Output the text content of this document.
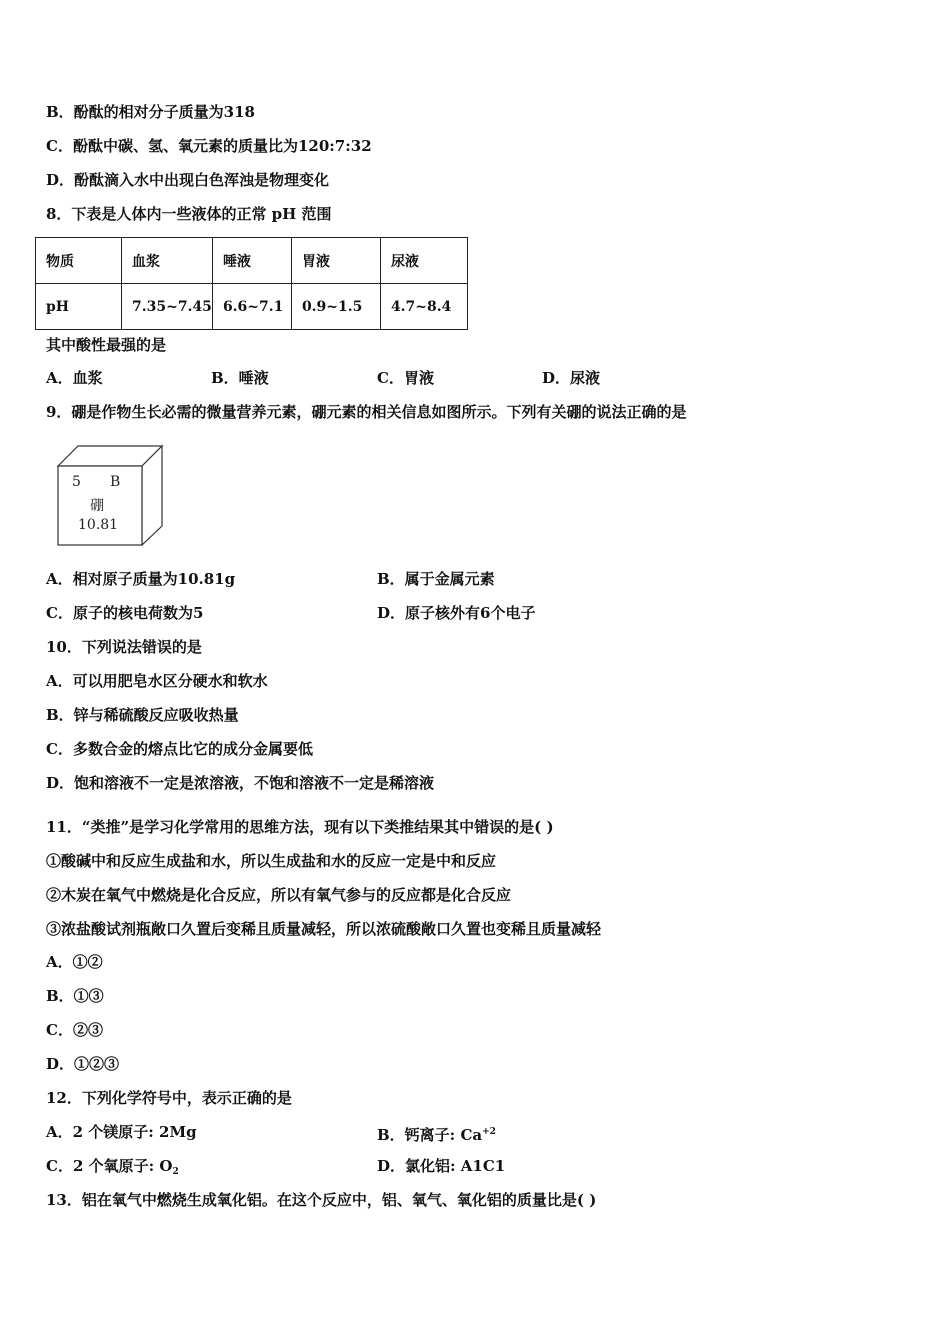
B．酚酞的相对分子质量为318
C．酚酞中碳、氢、氧元素的质量比为120:7:32
D．酚酞滴入水中出现白色浑浊是物理变化
8．下表是人体内一些液体的正常 pH 范围
物质	血浆	唾液	胃液	尿液
pH	7.35~7.45	6.6~7.1	0.9~1.5	4.7~8.4
其中酸性最强的是
A．血浆	B．唾液	C．胃液	D．尿液
9．硼是作物生长必需的微量营养元素，硼元素的相关信息如图所示。下列有关硼的说法正确的是
5 B
硼
10.81
A．相对原子质量为10.81g	B．属于金属元素
C．原子的核电荷数为5	D．原子核外有6个电子
10．下列说法错误的是
A．可以用肥皂水区分硬水和软水
B．锌与稀硫酸反应吸收热量
C．多数合金的熔点比它的成分金属要低
D．饱和溶液不一定是浓溶液，不饱和溶液不一定是稀溶液
11．“类推”是学习化学常用的思维方法，现有以下类推结果其中错误的是( )
①酸碱中和反应生成盐和水，所以生成盐和水的反应一定是中和反应
②木炭在氧气中燃烧是化合反应，所以有氧气参与的反应都是化合反应
③浓盐酸试剂瓶敞口久置后变稀且质量减轻，所以浓硫酸敞口久置也变稀且质量减轻
A．①②
B．①③
C．②③
D．①②③
12．下列化学符号中，表示正确的是
A．2 个镁原子: 2Mg	B．钙离子: $Ca^{+2}$
C．2 个氧原子: $O_2$	D．氯化铝: A1C1
13．铝在氧气中燃烧生成氧化铝。在这个反应中，铝、氧气、氧化铝的质量比是( )
